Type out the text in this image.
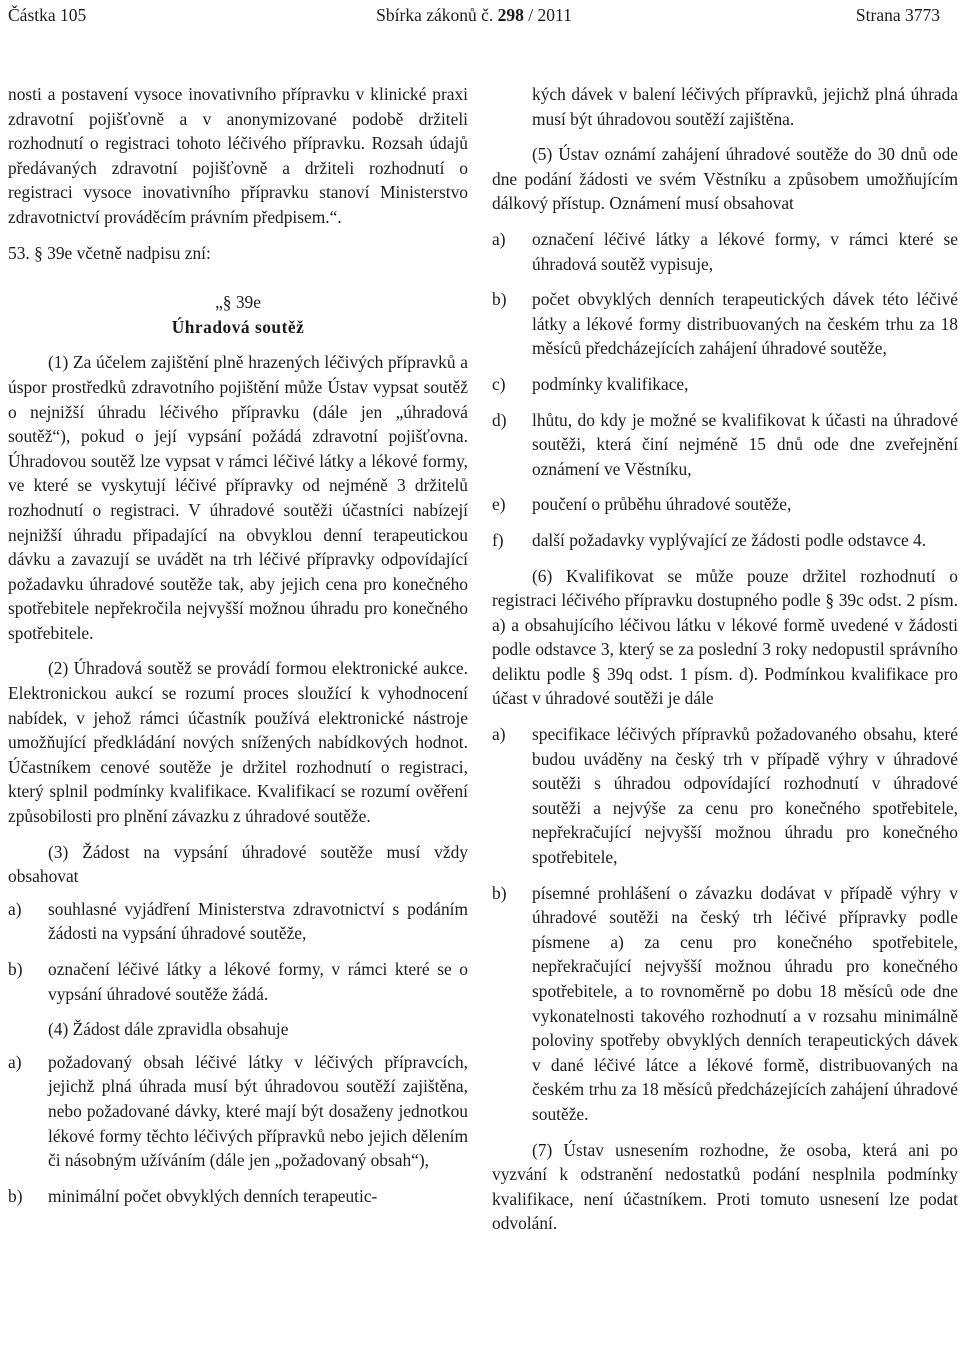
Částka 105	Sbírka zákonů č. 298 / 2011	Strana 3773

nosti a postavení vysoce inovativního přípravku v klinické praxi zdravotní pojišťovně a v anonymizované podobě držiteli rozhodnutí o registraci tohoto léčivého přípravku. Rozsah údajů předávaných zdravotní pojišťovně a držiteli rozhodnutí o registraci vysoce inovativního přípravku stanoví Ministerstvo zdravotnictví prováděcím právním předpisem.“.

53. § 39e včetně nadpisu zní:

„§ 39e

Úhradová soutěž

(1) Za účelem zajištění plně hrazených léčivých přípravků a úspor prostředků zdravotního pojištění může Ústav vypsat soutěž o nejnižší úhradu léčivého přípravku (dále jen „úhradová soutěž“), pokud o její vypsání požádá zdravotní pojišťovna. Úhradovou soutěž lze vypsat v rámci léčivé látky a lékové formy, ve které se vyskytují léčivé přípravky od nejméně 3 držitelů rozhodnutí o registraci. V úhradové soutěži účastníci nabízejí nejnižší úhradu připadající na obvyklou denní terapeutickou dávku a zavazují se uvádět na trh léčivé přípravky odpovídající požadavku úhradové soutěže tak, aby jejich cena pro konečného spotřebitele nepřekročila nejvyšší možnou úhradu pro konečného spotřebitele.

(2) Úhradová soutěž se provádí formou elektronické aukce. Elektronickou aukcí se rozumí proces sloužící k vyhodnocení nabídek, v jehož rámci účastník používá elektronické nástroje umožňující předkládání nových snížených nabídkových hodnot. Účastníkem cenové soutěže je držitel rozhodnutí o registraci, který splnil podmínky kvalifikace. Kvalifikací se rozumí ověření způsobilosti pro plnění závazku z úhradové soutěže.

(3) Žádost na vypsání úhradové soutěže musí vždy obsahovat

a)	souhlasné vyjádření Ministerstva zdravotnictví s podáním žádosti na vypsání úhradové soutěže,
b)	označení léčivé látky a lékové formy, v rámci které se o vypsání úhradové soutěže žádá.

(4) Žádost dále zpravidla obsahuje

a)	požadovaný obsah léčivé látky v léčivých přípravcích, jejichž plná úhrada musí být úhradovou soutěží zajištěna, nebo požadované dávky, které mají být dosaženy jednotkou lékové formy těchto léčivých přípravků nebo jejich dělením či násobným užíváním (dále jen „požadovaný obsah“),
b)	minimální počet obvyklých denních terapeutic-
kých dávek v balení léčivých přípravků, jejichž plná úhrada musí být úhradovou soutěží zajištěna.

(5) Ústav oznámí zahájení úhradové soutěže do 30 dnů ode dne podání žádosti ve svém Věstníku a způsobem umožňujícím dálkový přístup. Oznámení musí obsahovat

a)	označení léčivé látky a lékové formy, v rámci které se úhradová soutěž vypisuje,
b)	počet obvyklých denních terapeutických dávek této léčivé látky a lékové formy distribuovaných na českém trhu za 18 měsíců předcházejících zahájení úhradové soutěže,
c)	podmínky kvalifikace,
d)	lhůtu, do kdy je možné se kvalifikovat k účasti na úhradové soutěži, která činí nejméně 15 dnů ode dne zveřejnění oznámení ve Věstníku,
e)	poučení o průběhu úhradové soutěže,
f)	další požadavky vyplývající ze žádosti podle odstavce 4.

(6) Kvalifikovat se může pouze držitel rozhodnutí o registraci léčivého přípravku dostupného podle § 39c odst. 2 písm. a) a obsahujícího léčivou látku v lékové formě uvedené v žádosti podle odstavce 3, který se za poslední 3 roky nedopustil správního deliktu podle § 39q odst. 1 písm. d). Podmínkou kvalifikace pro účast v úhradové soutěži je dále

a)	specifikace léčivých přípravků požadovaného obsahu, které budou uváděny na český trh v případě výhry v úhradové soutěži s úhradou odpovídající rozhodnutí v úhradové soutěži a nejvýše za cenu pro konečného spotřebitele, nepřekračující nejvyšší možnou úhradu pro konečného spotřebitele,
b)	písemné prohlášení o závazku dodávat v případě výhry v úhradové soutěži na český trh léčivé přípravky podle písmene a) za cenu pro konečného spotřebitele, nepřekračující nejvyšší možnou úhradu pro konečného spotřebitele, a to rovnoměrně po dobu 18 měsíců ode dne vykonatelnosti takového rozhodnutí a v rozsahu minimálně poloviny spotřeby obvyklých denních terapeutických dávek v dané léčivé látce a lékové formě, distribuovaných na českém trhu za 18 měsíců předcházejících zahájení úhradové soutěže.

(7) Ústav usnesením rozhodne, že osoba, která ani po vyzvání k odstranění nedostatků podání nesplnila podmínky kvalifikace, není účastníkem. Proti tomuto usnesení lze podat odvolání.
